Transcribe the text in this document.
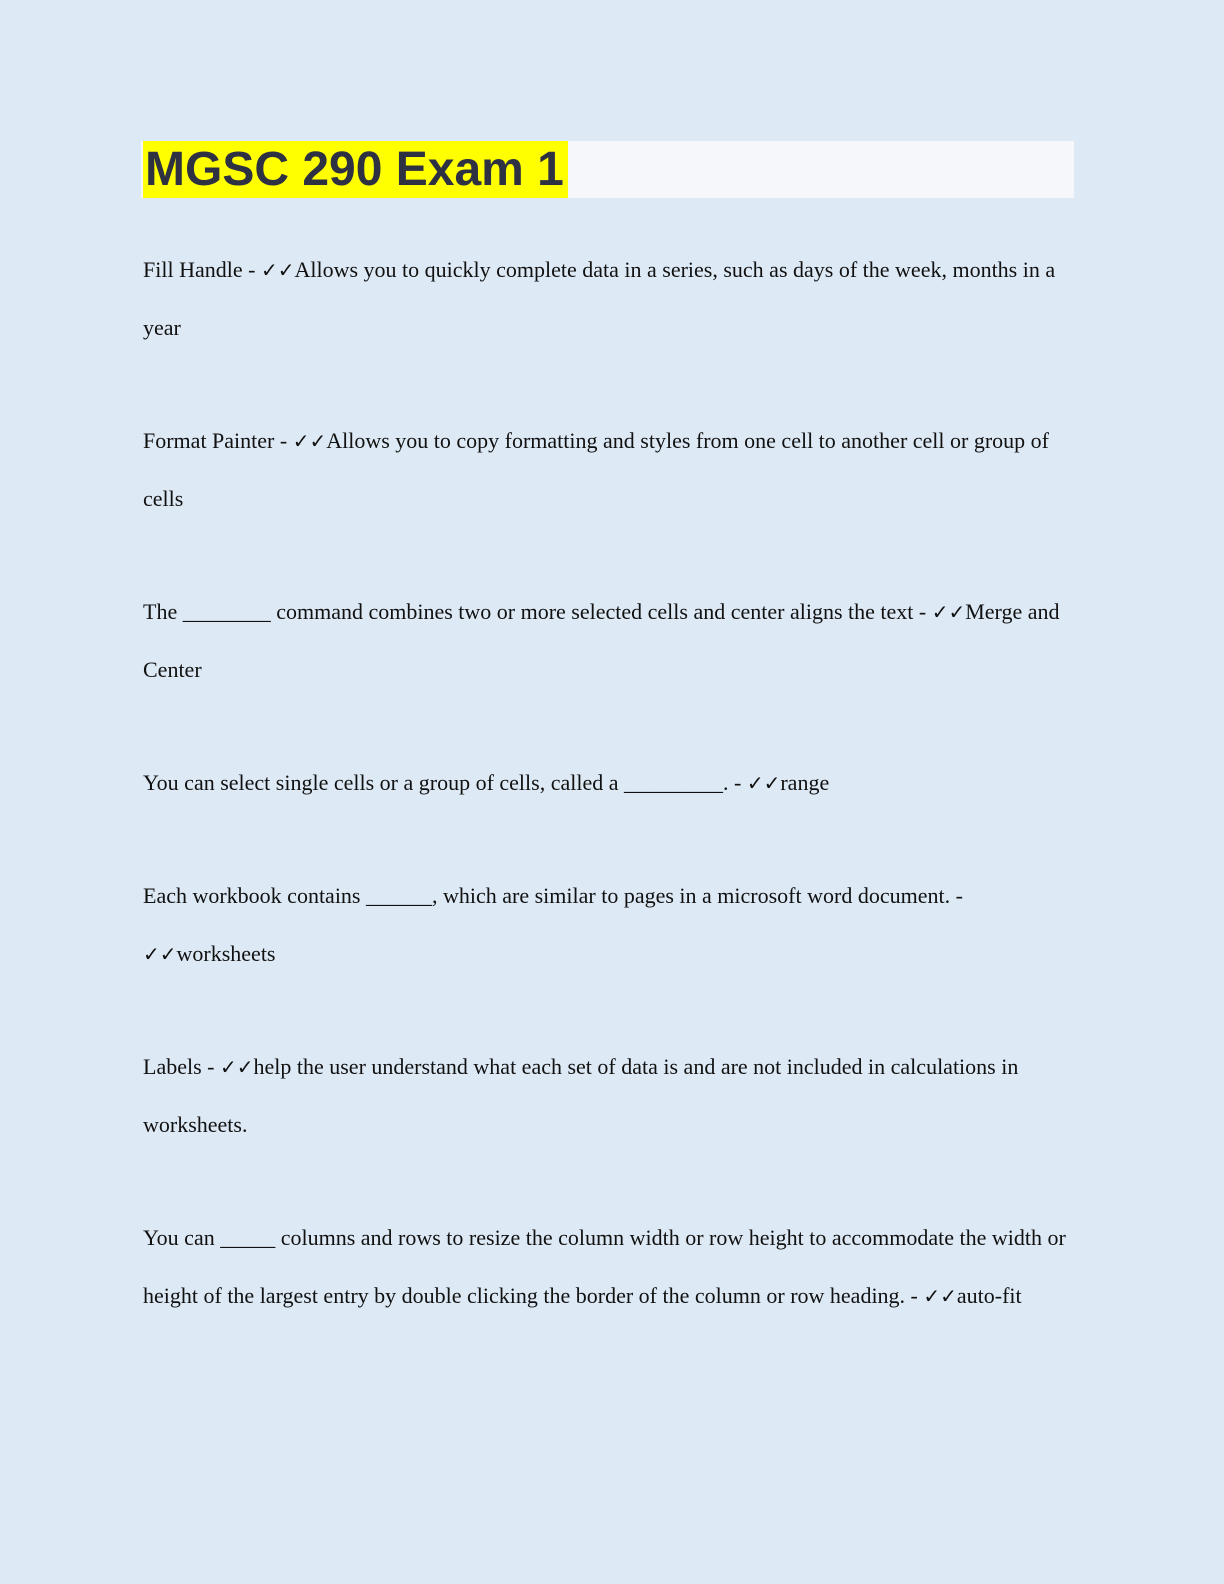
MGSC 290 Exam 1
Fill Handle - ✓✓Allows you to quickly complete data in a series, such as days of the week, months in a year
Format Painter - ✓✓Allows you to copy formatting and styles from one cell to another cell or group of cells
The ________ command combines two or more selected cells and center aligns the text - ✓✓Merge and Center
You can select single cells or a group of cells, called a _________. - ✓✓range
Each workbook contains ______, which are similar to pages in a microsoft word document. - ✓✓worksheets
Labels - ✓✓help the user understand what each set of data is and are not included in calculations in worksheets.
You can _____ columns and rows to resize the column width or row height to accommodate the width or height of the largest entry by double clicking the border of the column or row heading. - ✓✓auto-fit
